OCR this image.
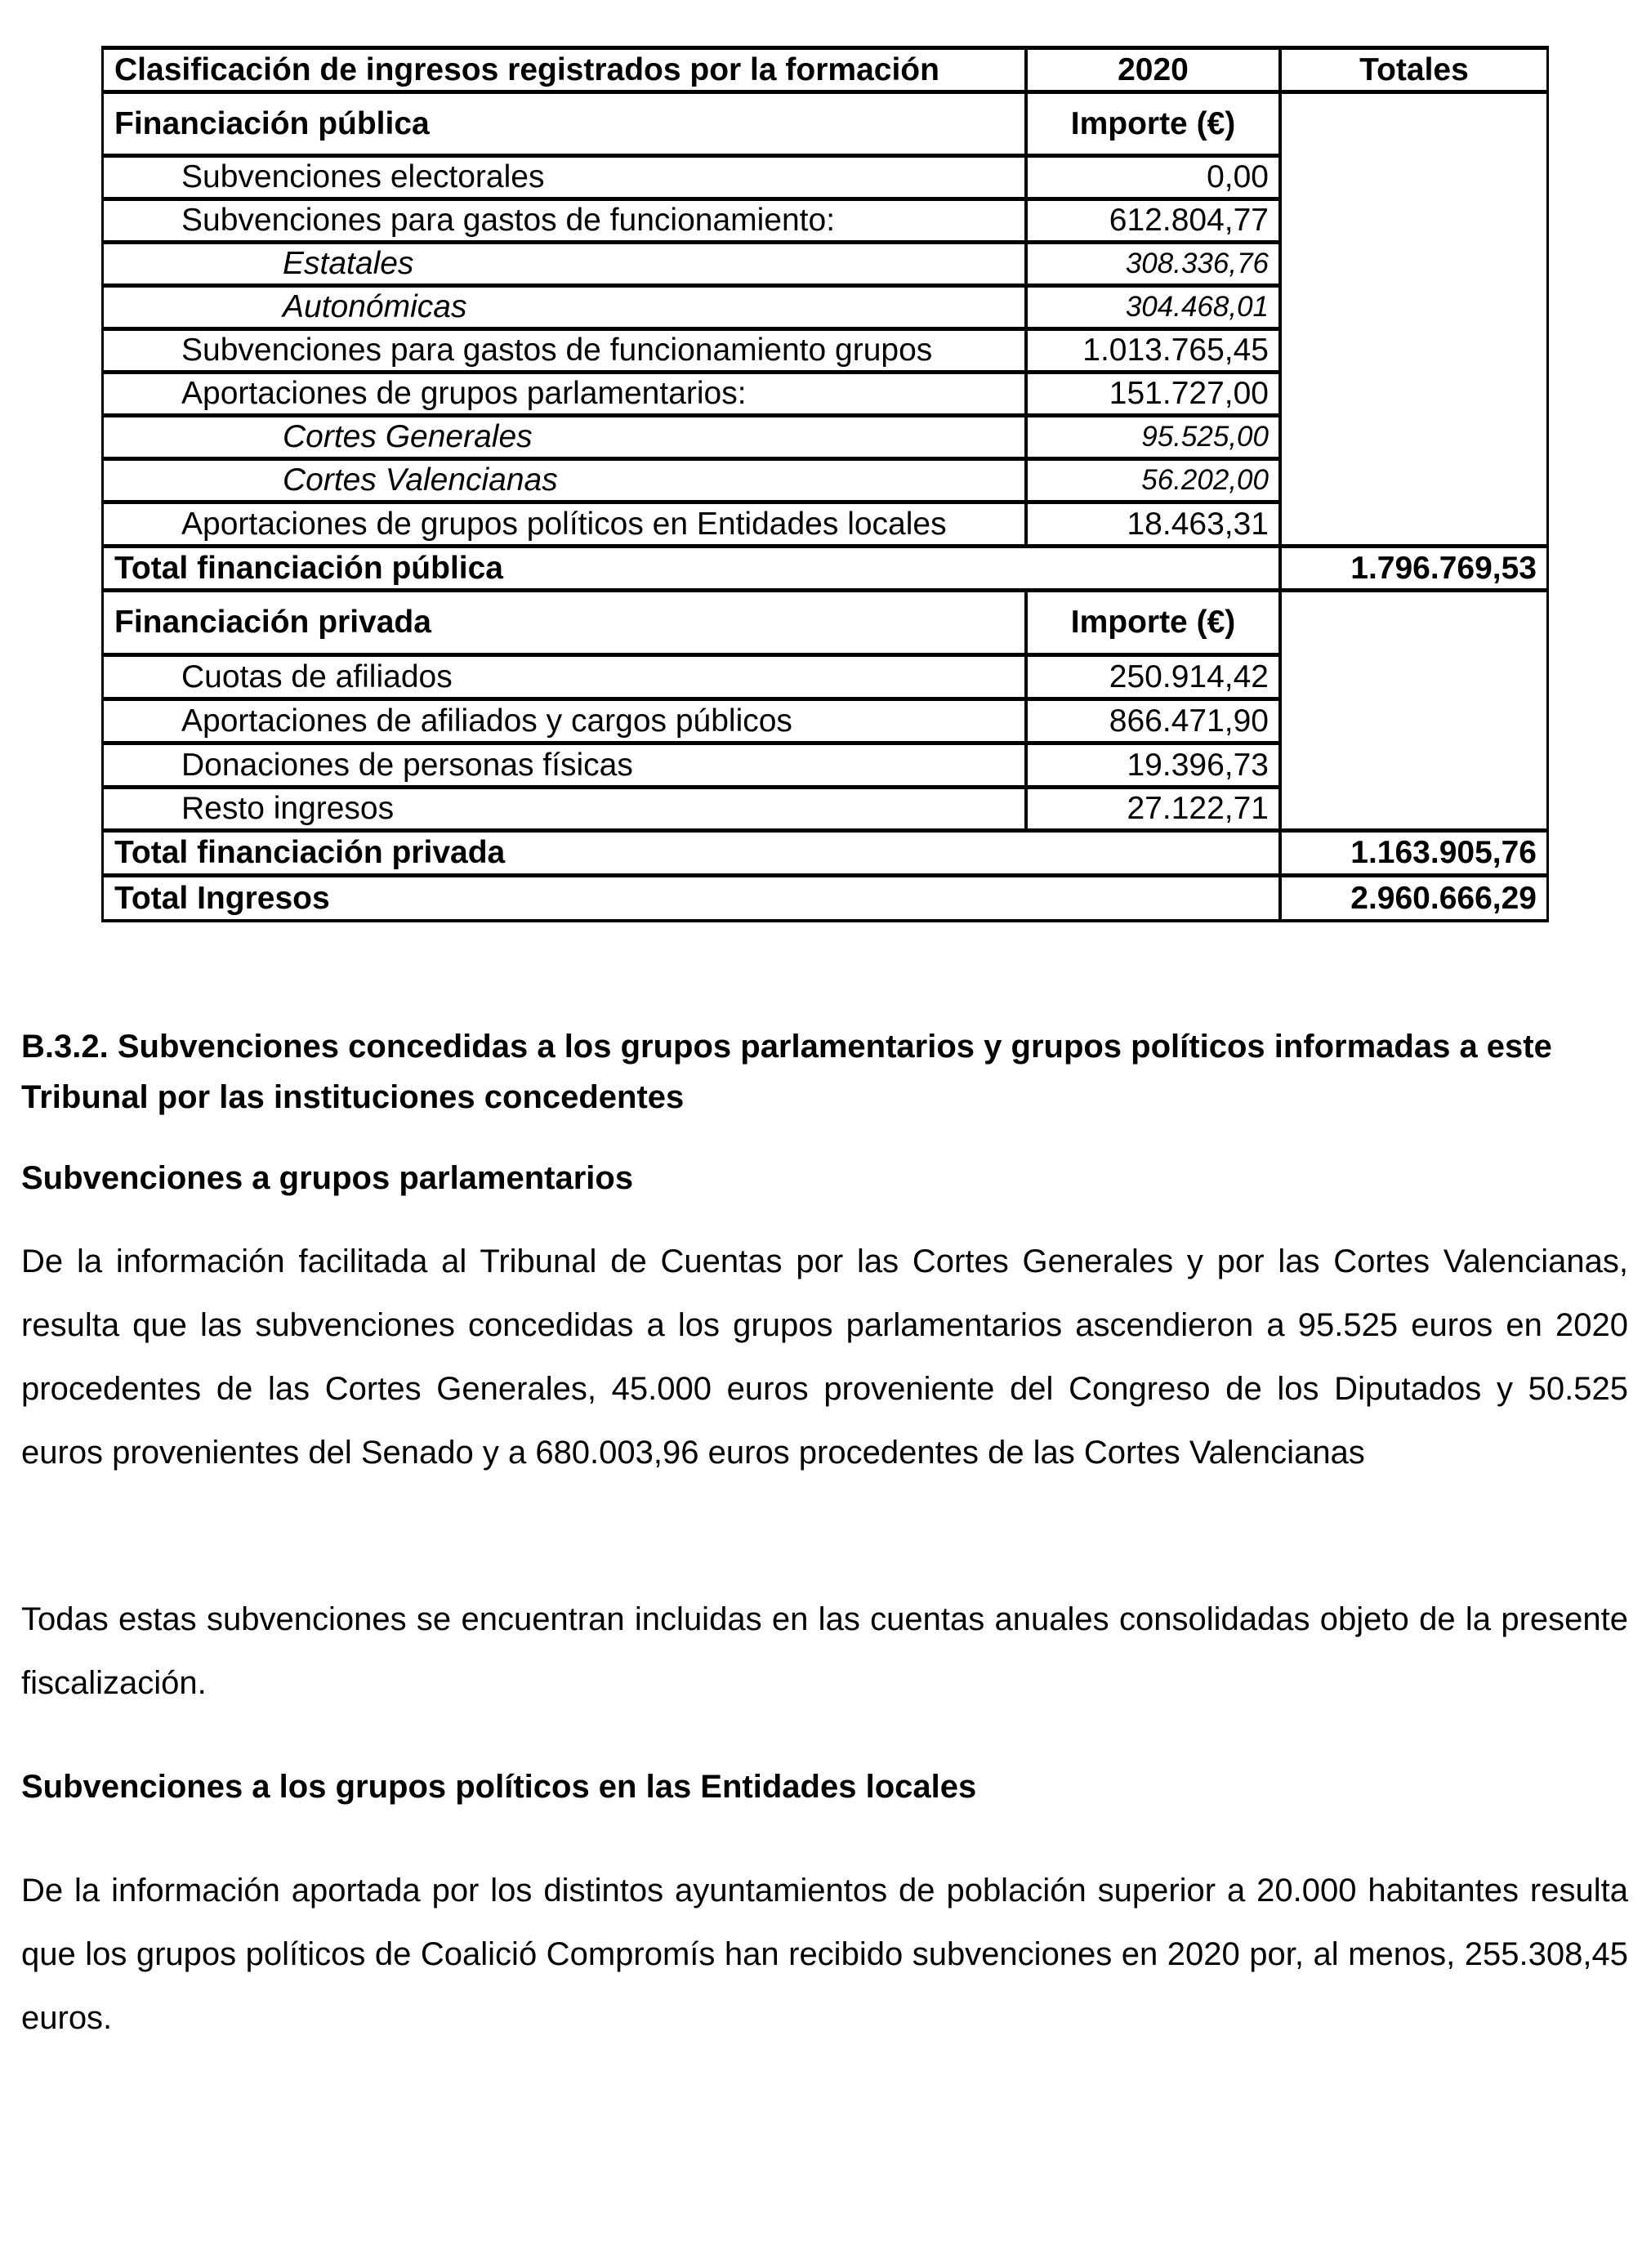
Clasificación de ingresos registrados por la formación	2020	Totales
Financiación pública	Importe (€)
Subvenciones electorales	0,00
Subvenciones para gastos de funcionamiento:	612.804,77
Estatales	308.336,76
Autonómicas	304.468,01
Subvenciones para gastos de funcionamiento grupos	1.013.765,45
Aportaciones de grupos parlamentarios:	151.727,00
Cortes Generales	95.525,00
Cortes Valencianas	56.202,00
Aportaciones de grupos políticos en Entidades locales	18.463,31
Total financiación pública	1.796.769,53
Financiación privada	Importe (€)
Cuotas de afiliados	250.914,42
Aportaciones de afiliados y cargos públicos	866.471,90
Donaciones de personas físicas	19.396,73
Resto ingresos	27.122,71
Total financiación privada	1.163.905,76
Total Ingresos	2.960.666,29
B.3.2. Subvenciones concedidas a los grupos parlamentarios y grupos políticos informadas a este Tribunal por las instituciones concedentes
Subvenciones a grupos parlamentarios
De la información facilitada al Tribunal de Cuentas por las Cortes Generales y por las Cortes Valencianas, resulta que las subvenciones concedidas a los grupos parlamentarios ascendieron a 95.525 euros en 2020 procedentes de las Cortes Generales, 45.000 euros proveniente del Congreso de los Diputados y 50.525 euros provenientes del Senado y a 680.003,96 euros procedentes de las Cortes Valencianas
Todas estas subvenciones se encuentran incluidas en las cuentas anuales consolidadas objeto de la presente fiscalización.
Subvenciones a los grupos políticos en las Entidades locales
De la información aportada por los distintos ayuntamientos de población superior a 20.000 habitantes resulta que los grupos políticos de Coalició Compromís han recibido subvenciones en 2020 por, al menos, 255.308,45 euros.
